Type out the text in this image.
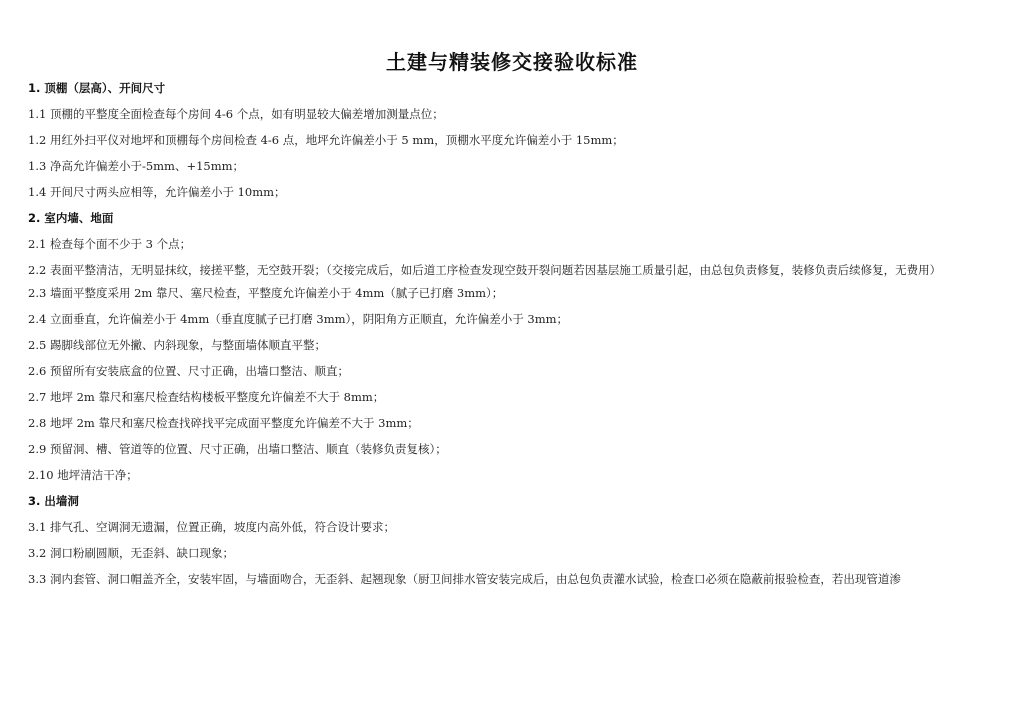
土建与精装修交接验收标准
1. 顶棚（层高）、开间尺寸
1.1 顶棚的平整度全面检查每个房间 4-6 个点，如有明显较大偏差增加测量点位；
1.2 用红外扫平仪对地坪和顶棚每个房间检查 4-6 点，地坪允许偏差小于 5 mm，顶棚水平度允许偏差小于 15mm；
1.3 净高允许偏差小于-5mm、+15mm；
1.4 开间尺寸两头应相等，允许偏差小于 10mm；
2. 室内墙、地面
2.1 检查每个面不少于 3 个点；
2.2 表面平整清洁，无明显抹纹，接搓平整，无空鼓开裂；（交接完成后，如后道工序检查发现空鼓开裂问题若因基层施工质量引起，由总包负责修复，装修负责后续修复，无费用）
2.3 墙面平整度采用 2m 靠尺、塞尺检查，平整度允许偏差小于 4mm（腻子已打磨 3mm）；
2.4 立面垂直，允许偏差小于 4mm（垂直度腻子已打磨 3mm），阴阳角方正顺直，允许偏差小于 3mm；
2.5 踢脚线部位无外撇、内斜现象，与整面墙体顺直平整；
2.6 预留所有安装底盒的位置、尺寸正确，出墙口整洁、顺直；
2.7 地坪 2m 靠尺和塞尺检查结构楼板平整度允许偏差不大于 8mm；
2.8 地坪 2m 靠尺和塞尺检查找碎找平完成面平整度允许偏差不大于 3mm；
2.9 预留洞、槽、管道等的位置、尺寸正确，出墙口整洁、顺直（装修负责复核）；
2.10 地坪清洁干净；
3. 出墙洞
3.1 排气孔、空调洞无遗漏，位置正确，坡度内高外低，符合设计要求；
3.2 洞口粉刷圆顺，无歪斜、缺口现象；
3.3 洞内套管、洞口帽盖齐全，安装牢固，与墙面吻合，无歪斜、起翘现象（厨卫间排水管安装完成后，由总包负责灌水试验，检查口必须在隐蔽前报验检查，若出现管道渗
